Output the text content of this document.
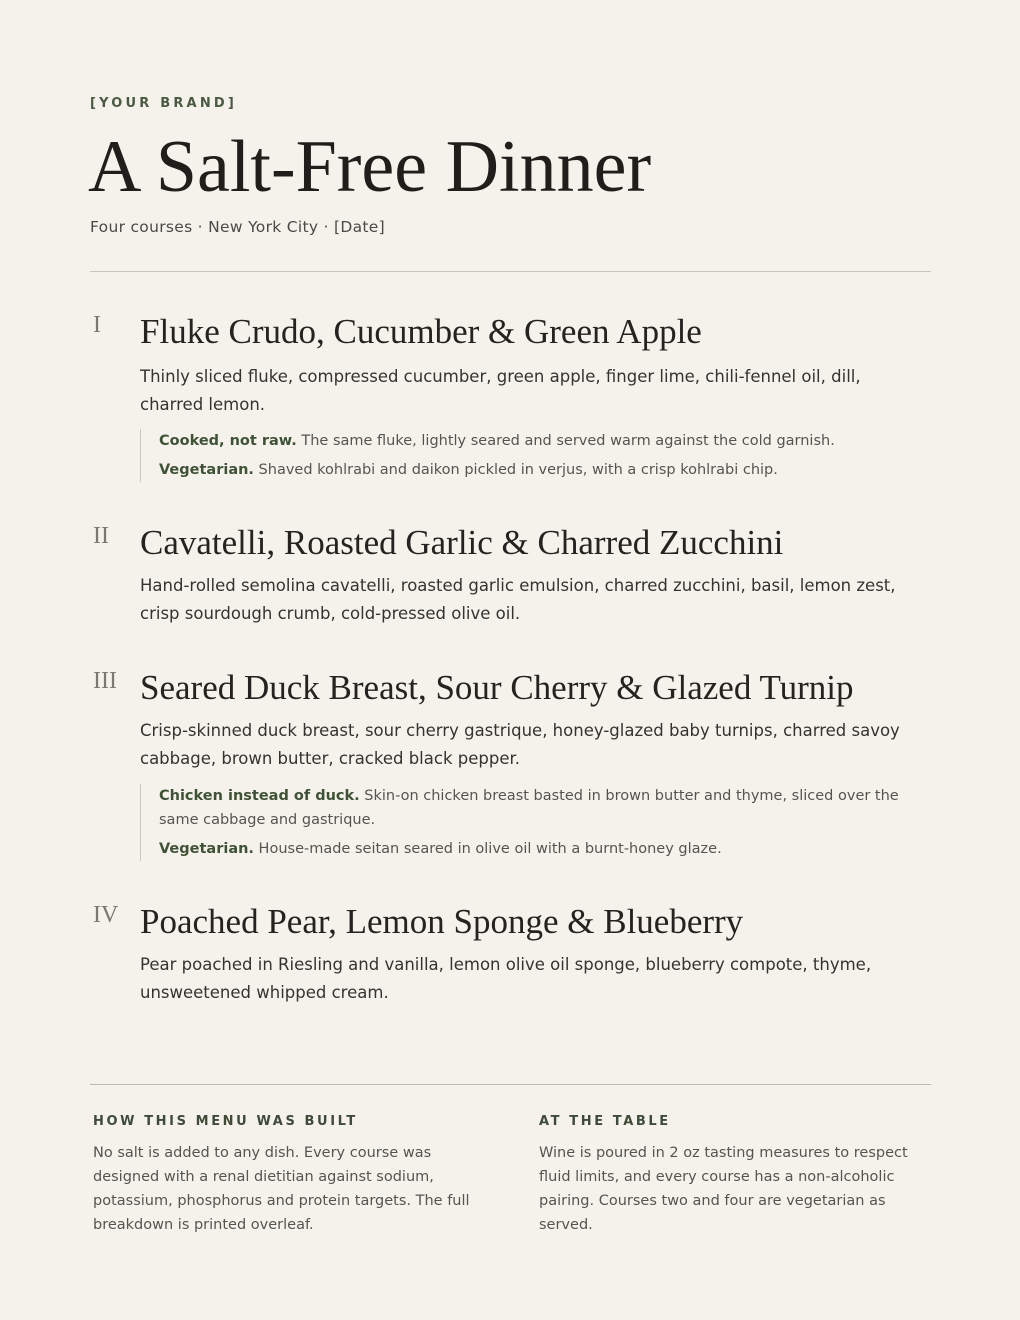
[YOUR BRAND]
A Salt-Free Dinner
Four courses · New York City · [Date]
I Fluke Crudo, Cucumber & Green Apple

Thinly sliced fluke, compressed cucumber, green apple, finger lime, chili-fennel oil, dill, charred lemon.

Cooked, not raw. The same fluke, lightly seared and served warm against the cold garnish.

Vegetarian. Shaved kohlrabi and daikon pickled in verjus, with a crisp kohlrabi chip.

II Cavatelli, Roasted Garlic & Charred Zucchini

Hand-rolled semolina cavatelli, roasted garlic emulsion, charred zucchini, basil, lemon zest, crisp sourdough crumb, cold-pressed olive oil.

III Seared Duck Breast, Sour Cherry & Glazed Turnip

Crisp-skinned duck breast, sour cherry gastrique, honey-glazed baby turnips, charred savoy cabbage, brown butter, cracked black pepper.

Chicken instead of duck. Skin-on chicken breast basted in brown butter and thyme, sliced over the same cabbage and gastrique.

Vegetarian. House-made seitan seared in olive oil with a burnt-honey glaze.

IV Poached Pear, Lemon Sponge & Blueberry

Pear poached in Riesling and vanilla, lemon olive oil sponge, blueberry compote, thyme, unsweetened whipped cream.

HOW THIS MENU WAS BUILT

No salt is added to any dish. Every course was designed with a renal dietitian against sodium, potassium, phosphorus and protein targets. The full breakdown is printed overleaf.

AT THE TABLE

Wine is poured in 2 oz tasting measures to respect fluid limits, and every course has a non-alcoholic pairing. Courses two and four are vegetarian as served.
